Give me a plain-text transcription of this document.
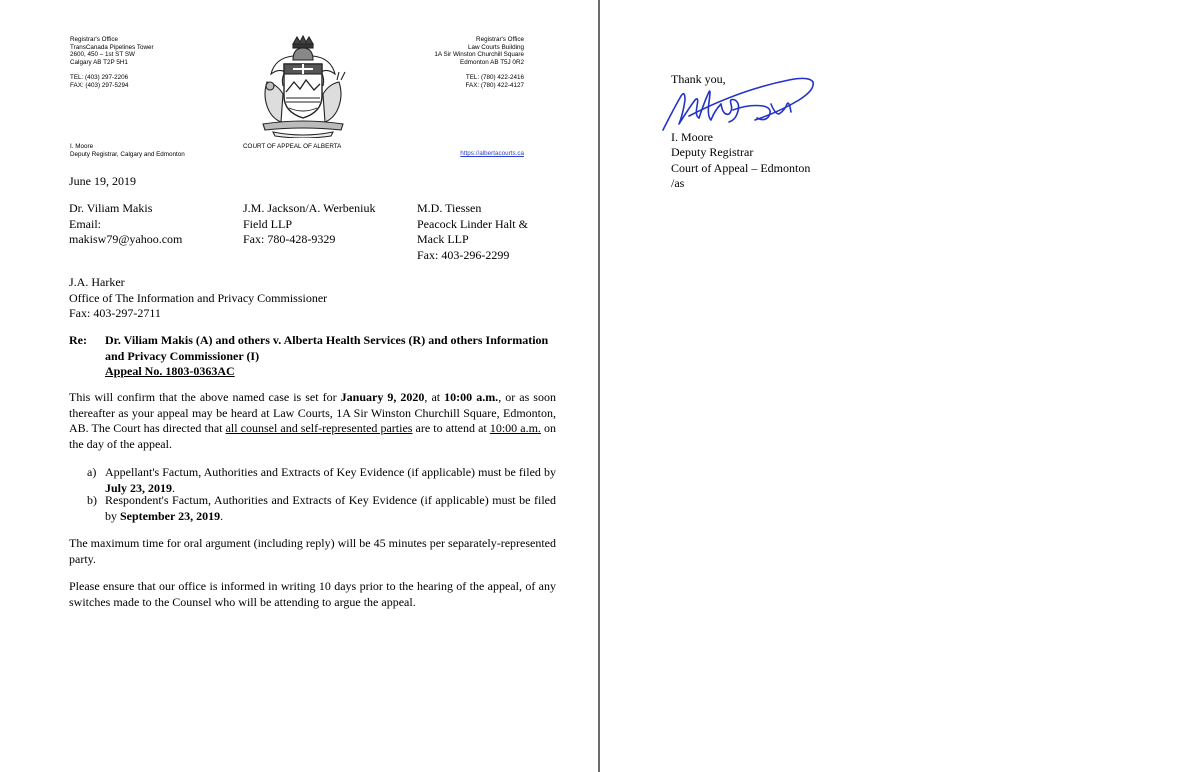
Registrar's Office
TransCanada Pipelines Tower
2600, 450 – 1st ST SW
Calgary AB T2P 5H1
TEL: (403) 297-2206
FAX: (403) 297-5294
Registrar's Office
Law Courts Building
1A Sir Winston Churchill Square
Edmonton AB T5J 0R2
TEL: (780) 422-2416
FAX: (780) 422-4127
I. Moore
Deputy Registrar, Calgary and Edmonton
COURT OF APPEAL OF ALBERTA
https://albertacourts.ca
June 19, 2019
Dr. Viliam Makis
Email:
makisw79@yahoo.com
J.M. Jackson/A. Werbeniuk
Field LLP
Fax: 780-428-9329
M.D. Tiessen
Peacock Linder Halt &
Mack LLP
Fax: 403-296-2299
J.A. Harker
Office of The Information and Privacy Commissioner
Fax: 403-297-2711
Re: Dr. Viliam Makis (A) and others v. Alberta Health Services (R) and others Information
and Privacy Commissioner (I)
Appeal No. 1803-0363AC
This will confirm that the above named case is set for January 9, 2020, at 10:00 a.m., or as soon thereafter as your appeal may be heard at Law Courts, 1A Sir Winston Churchill Square, Edmonton, AB. The Court has directed that all counsel and self-represented parties are to attend at 10:00 a.m. on the day of the appeal.
a) Appellant's Factum, Authorities and Extracts of Key Evidence (if applicable) must be filed by July 23, 2019.
b) Respondent's Factum, Authorities and Extracts of Key Evidence (if applicable) must be filed by September 23, 2019.
The maximum time for oral argument (including reply) will be 45 minutes per separately-represented party.
Please ensure that our office is informed in writing 10 days prior to the hearing of the appeal, of any switches made to the Counsel who will be attending to argue the appeal.
Thank you,
I. Moore
Deputy Registrar
Court of Appeal – Edmonton
/as
